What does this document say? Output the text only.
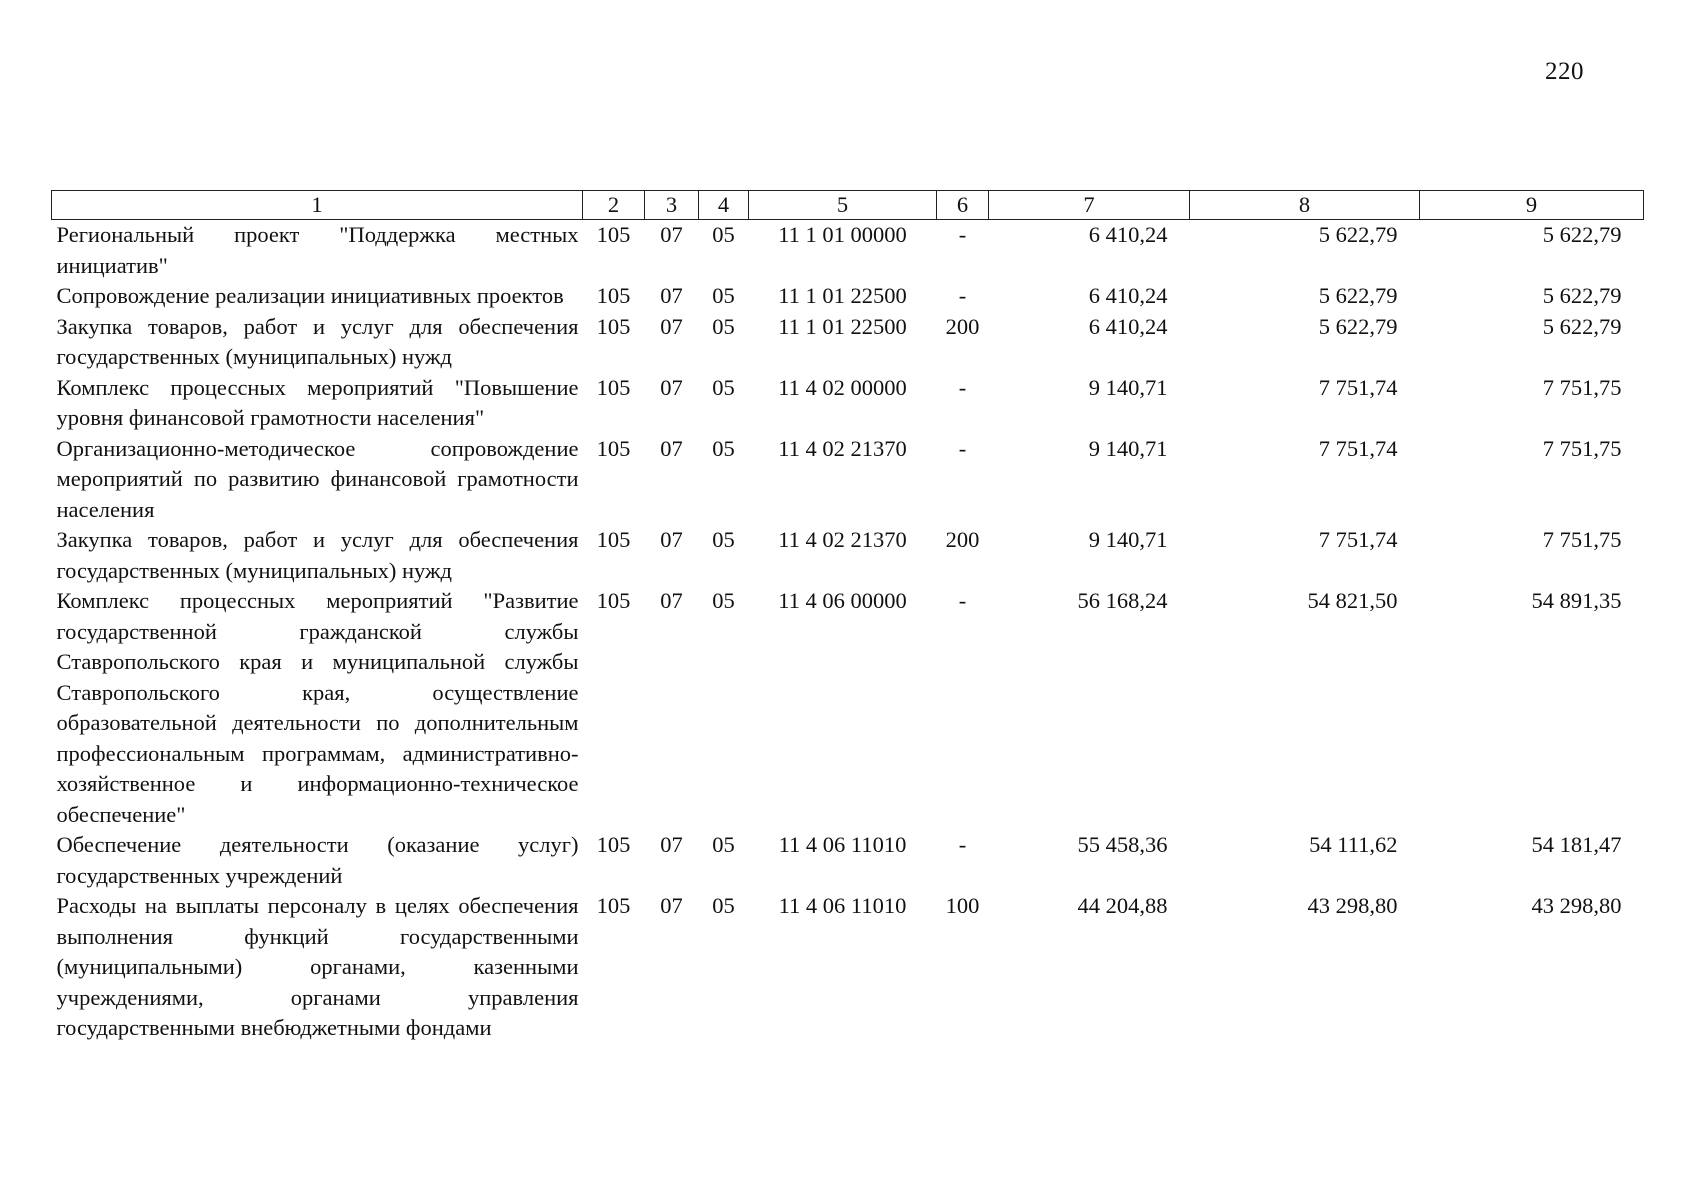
220
1	2	3	4	5	6	7	8	9
Региональный проект "Поддержка местных инициатив"	105	07	05	11 1 01 00000	-	6 410,24	5 622,79	5 622,79
Сопровождение реализации инициативных проектов	105	07	05	11 1 01 22500	-	6 410,24	5 622,79	5 622,79
Закупка товаров, работ и услуг для обеспечения государственных (муниципальных) нужд	105	07	05	11 1 01 22500	200	6 410,24	5 622,79	5 622,79
Комплекс процессных мероприятий "Повышение уровня финансовой грамотности населения"	105	07	05	11 4 02 00000	-	9 140,71	7 751,74	7 751,75
Организационно-методическое сопровождение мероприятий по развитию финансовой грамотности населения	105	07	05	11 4 02 21370	-	9 140,71	7 751,74	7 751,75
Закупка товаров, работ и услуг для обеспечения государственных (муниципальных) нужд	105	07	05	11 4 02 21370	200	9 140,71	7 751,74	7 751,75
Комплекс процессных мероприятий "Развитие государственной гражданской службы Ставропольского края и муниципальной службы Ставропольского края, осуществление образовательной деятельности по дополнительным профессиональным программам, административно-хозяйственное и информационно-техническое обеспечение"	105	07	05	11 4 06 00000	-	56 168,24	54 821,50	54 891,35
Обеспечение деятельности (оказание услуг) государственных учреждений	105	07	05	11 4 06 11010	-	55 458,36	54 111,62	54 181,47
Расходы на выплаты персоналу в целях обеспечения выполнения функций государственными (муниципальными) органами, казенными учреждениями, органами управления государственными внебюджетными фондами	105	07	05	11 4 06 11010	100	44 204,88	43 298,80	43 298,80
